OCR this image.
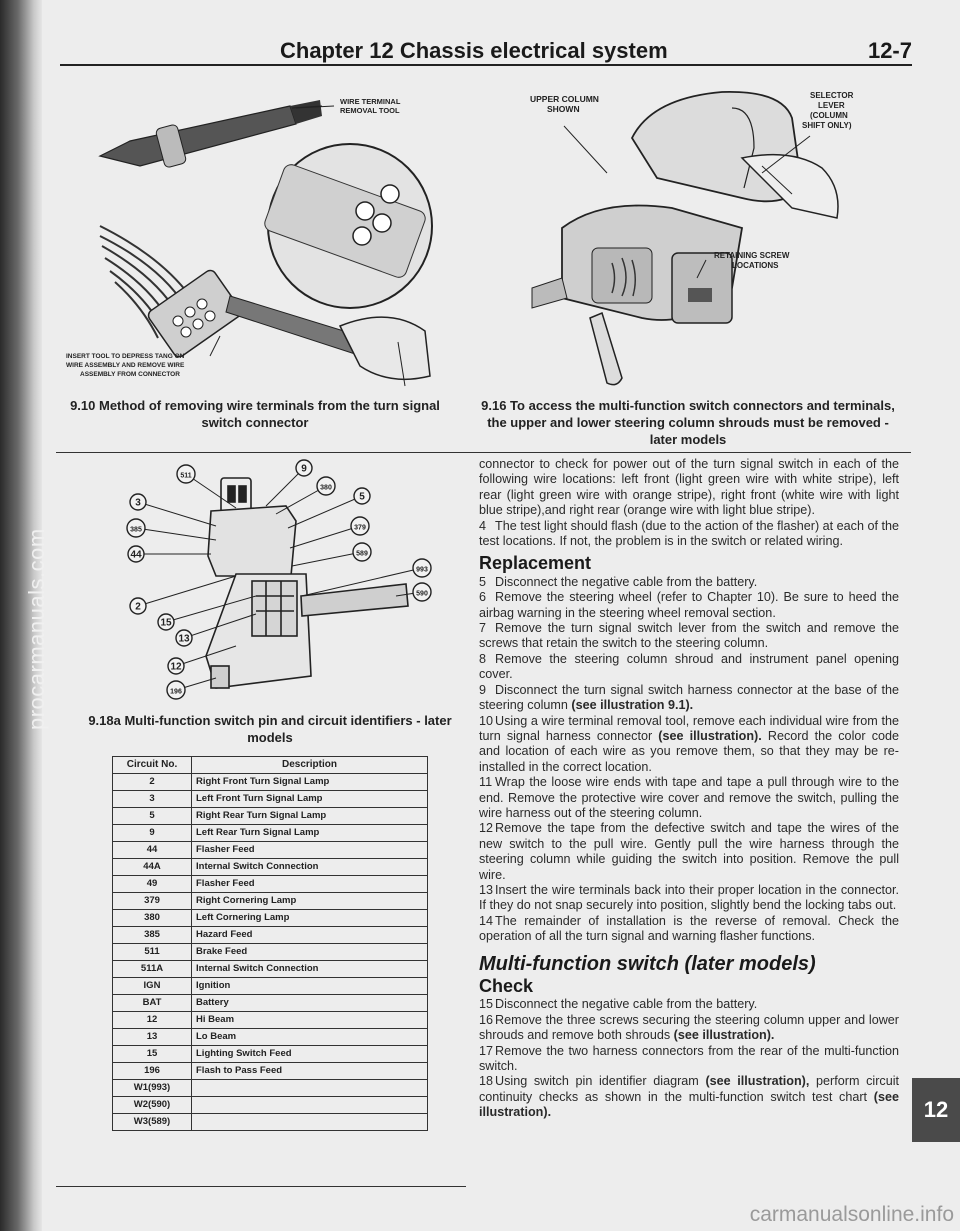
procarmanuals.com
Chapter 12 Chassis electrical system	12-7
WIRE TERMINAL
REMOVAL TOOL
INSERT TOOL TO DEPRESS TANG ON
WIRE ASSEMBLY AND REMOVE WIRE
ASSEMBLY FROM CONNECTOR
9.10 Method of removing wire terminals from the turn signal switch connector
UPPER COLUMN
SHOWN
SELECTOR
LEVER
(COLUMN
SHIFT ONLY)
RETAINING SCREW
LOCATIONS
9.16 To access the multi-function switch connectors and terminals, the upper and lower steering column shrouds must be removed - later models
511
9
380
3
5
385	379
44	589
993
590
2
15
13
12
196
9.18a Multi-function switch pin and circuit identifiers - later models
Circuit No.	Description
2	Right Front Turn Signal Lamp
3	Left Front Turn Signal Lamp
5	Right Rear Turn Signal Lamp
9	Left Rear Turn Signal Lamp
44	Flasher Feed
44A	Internal Switch Connection
49	Flasher Feed
379	Right Cornering Lamp
380	Left Cornering Lamp
385	Hazard Feed
511	Brake Feed
511A	Internal Switch Connection
IGN	Ignition
BAT	Battery
12	Hi Beam
13	Lo Beam
15	Lighting Switch Feed
196	Flash to Pass Feed
W1(993)	
W2(590)	
W3(589)	

connector to check for power out of the turn signal switch in each of the following wire locations: left front (light green wire with white stripe), left rear (light green wire with orange stripe), right front (white wire with light blue stripe),and right rear (orange wire with light blue stripe).

4 The test light should flash (due to the action of the flasher) at each of the test locations. If not, the problem is in the switch or related wiring.

Replacement

5 Disconnect the negative cable from the battery.

6 Remove the steering wheel (refer to Chapter 10). Be sure to heed the airbag warning in the steering wheel removal section.

7 Remove the turn signal switch lever from the switch and remove the screws that retain the switch to the steering column.

8 Remove the steering column shroud and instrument panel opening cover.

9 Disconnect the turn signal switch harness connector at the base of the steering column (see illustration 9.1).

10 Using a wire terminal removal tool, remove each individual wire from the turn signal harness connector (see illustration). Record the color code and location of each wire as you remove them, so that they may be re-installed in the correct location.

11 Wrap the loose wire ends with tape and tape a pull through wire to the end. Remove the protective wire cover and remove the switch, pulling the wire harness out of the steering column.

12 Remove the tape from the defective switch and tape the wires of the new switch to the pull wire. Gently pull the wire harness through the steering column while guiding the switch into position. Remove the pull wire.

13 Insert the wire terminals back into their proper location in the connector. If they do not snap securely into position, slightly bend the locking tabs out.

14 The remainder of installation is the reverse of removal. Check the operation of all the turn signal and warning flasher functions.

Multi-function switch (later models)
Check

15 Disconnect the negative cable from the battery.

16 Remove the three screws securing the steering column upper and lower shrouds and remove both shrouds (see illustration).

17 Remove the two harness connectors from the rear of the multi-function switch.

18 Using switch pin identifier diagram (see illustration), perform circuit continuity checks as shown in the multi-function switch test chart (see illustration).	12
carmanualsonline.info
